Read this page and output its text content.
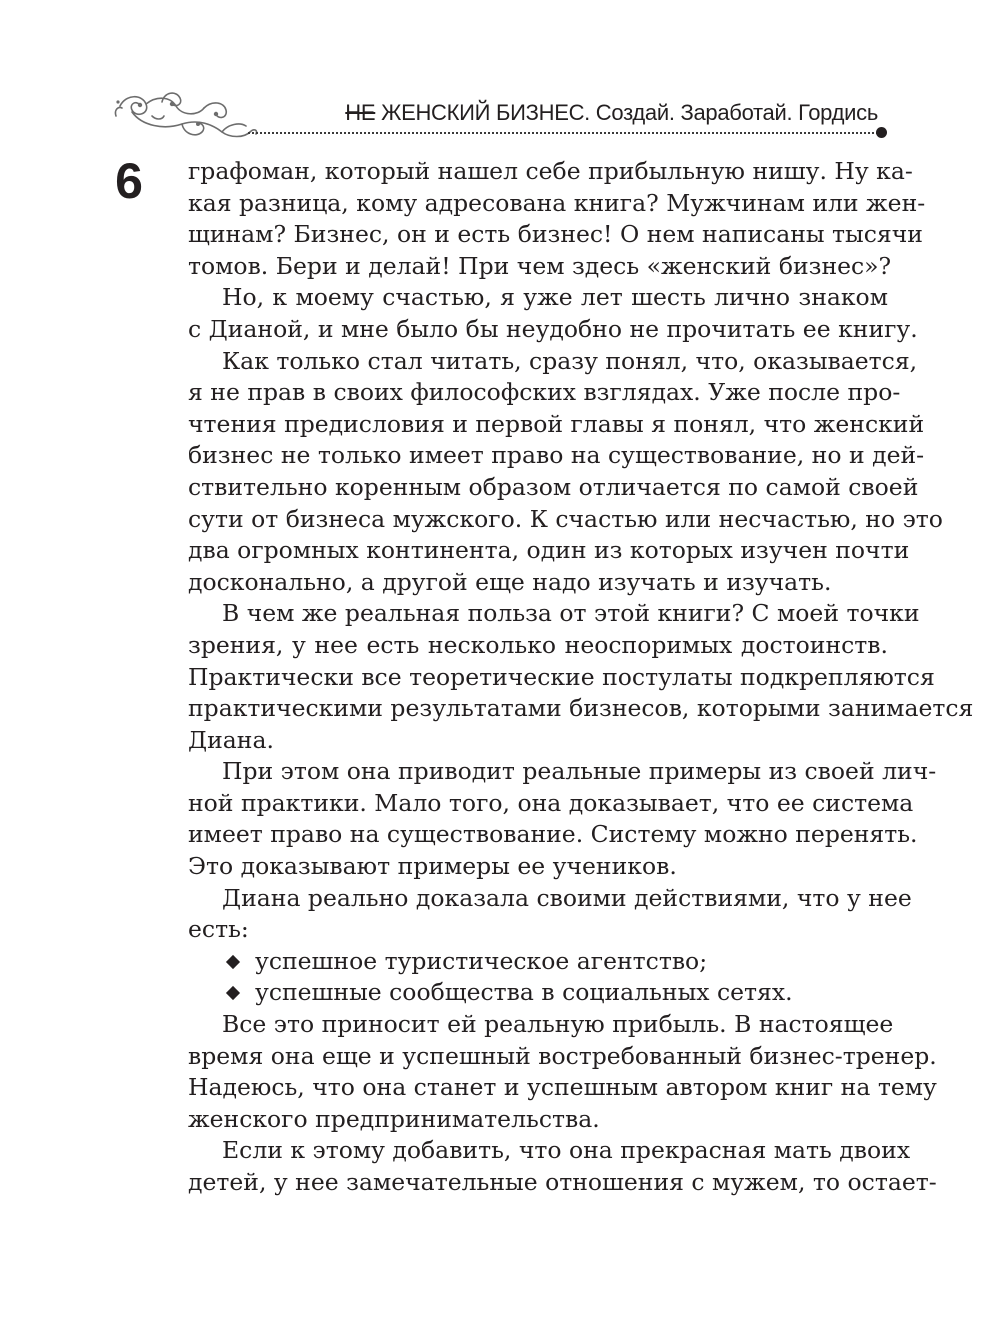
НЕ ЖЕНСКИЙ БИЗНЕС. Создай. Заработай. Гордись
6 графоман, который нашел себе прибыльную нишу. Ну ка-
кая разница, кому адресована книга? Мужчинам или жен-
щинам? Бизнес, он и есть бизнес! О нем написаны тысячи
томов. Бери и делай! При чем здесь «женский бизнес»?
Но, к моему счастью, я уже лет шесть лично знаком
с Дианой, и мне было бы неудобно не прочитать ее книгу.
Как только стал читать, сразу понял, что, оказывается,
я не прав в своих философских взглядах. Уже после про-
чтения предисловия и первой главы я понял, что женский
бизнес не только имеет право на существование, но и дей-
ствительно коренным образом отличается по самой своей
сути от бизнеса мужского. К счастью или несчастью, но это
два огромных континента, один из которых изучен почти
досконально, а другой еще надо изучать и изучать.
В чем же реальная польза от этой книги? С моей точки
зрения, у нее есть несколько неоспоримых достоинств.
Практически все теоретические постулаты подкрепляются
практическими результатами бизнесов, которыми занимается
Диана.
При этом она приводит реальные примеры из своей лич-
ной практики. Мало того, она доказывает, что ее система
имеет право на существование. Систему можно перенять.
Это доказывают примеры ее учеников.
Диана реально доказала своими действиями, что у нее
есть:
успешное туристическое агентство;
успешные сообщества в социальных сетях.
Все это приносит ей реальную прибыль. В настоящее
время она еще и успешный востребованный бизнес-тренер.
Надеюсь, что она станет и успешным автором книг на тему
женского предпринимательства.
Если к этому добавить, что она прекрасная мать двоих
детей, у нее замечательные отношения с мужем, то остает-
